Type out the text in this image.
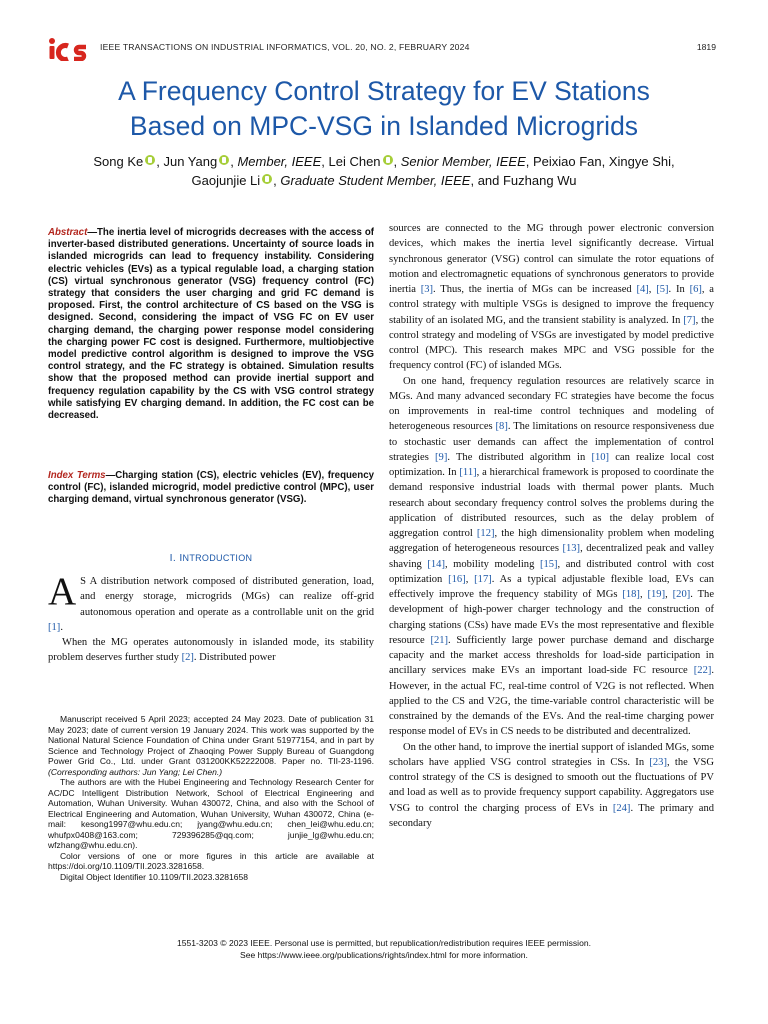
IEEE TRANSACTIONS ON INDUSTRIAL INFORMATICS, VOL. 20, NO. 2, FEBRUARY 2024	1819
A Frequency Control Strategy for EV Stations
Based on MPC-VSG in Islanded Microgrids
Song Ke , Jun Yang , Member, IEEE, Lei Chen , Senior Member, IEEE, Peixiao Fan, Xingye Shi,
Gaojunjie Li , Graduate Student Member, IEEE, and Fuzhang Wu
Abstract—The inertia level of microgrids decreases with the access of inverter-based distributed generations. Uncertainty of source loads in islanded microgrids can lead to frequency instability. Considering electric vehicles (EVs) as a typical regulable load, a charging station (CS) virtual synchronous generator (VSG) frequency control (FC) strategy that considers the user charging and grid FC demand is proposed. First, the control architecture of CS based on the VSG is designed. Second, considering the impact of VSG FC on EV user charging demand, the charging power response model considering the charging power FC cost is designed. Furthermore, multiobjective model predictive control algorithm is designed to improve the VSG control strategy, and the FC strategy is obtained. Simulation results show that the proposed method can provide inertial support and frequency regulation capability by the CS with VSG control strategy while satisfying EV charging demand. In addition, the FC cost can be decreased.
Index Terms—Charging station (CS), electric vehicles (EV), frequency control (FC), islanded microgrid, model predictive control (MPC), user charging demand, virtual synchronous generator (VSG).
I. INTRODUCTION

A S A distribution network composed of distributed generation, load, and energy storage, microgrids (MGs) can realize off-grid autonomous operation and operate as a controllable unit on the grid [1].

When the MG operates autonomously in islanded mode, its stability problem deserves further study [2]. Distributed power

Manuscript received 5 April 2023; accepted 24 May 2023. Date of publication 31 May 2023; date of current version 19 January 2024. This work was supported by the National Natural Science Foundation of China under Grant 51977154, and in part by Science and Technology Project of Zhaoqing Power Supply Bureau of Guangdong Power Grid Co., Ltd. under Grant 031200KK52222008. Paper no. TII-23-1196. (Corresponding authors: Jun Yang; Lei Chen.)

The authors are with the Hubei Engineering and Technology Research Center for AC/DC Intelligent Distribution Network, School of Electrical Engineering and Automation, Wuhan University. Wuhan 430072, China, and also with the School of Electrical Engineering and Automation, Wuhan University, Wuhan 430072, China (e-mail: kesong1997@whu.edu.cn; jyang@whu.edu.cn; chen_lei@whu.edu.cn; whufpx0408@163.com; 729396285@qq.com; junjie_lg@whu.edu.cn; wfzhang@whu.edu.cn).

Color versions of one or more figures in this article are available at https://doi.org/10.1109/TII.2023.3281658.

Digital Object Identifier 10.1109/TII.2023.3281658

sources are connected to the MG through power electronic conversion devices, which makes the inertia level significantly decrease. Virtual synchronous generator (VSG) control can simulate the rotor equations of motion and electromagnetic equations of synchronous generators to provide inertia [3]. Thus, the inertia of MGs can be increased [4], [5]. In [6], a control strategy with multiple VSGs is designed to improve the frequency stability of an isolated MG, and the transient stability is analyzed. In [7], the control strategy and modeling of VSGs are investigated by model predictive control (MPC). This research makes MPC and VSG possible for the frequency control (FC) of islanded MGs.

On one hand, frequency regulation resources are relatively scarce in MGs. And many advanced secondary FC strategies have become the focus on improvements in real-time control techniques and modeling of heterogeneous resources [8]. The limitations on resource responsiveness due to stochastic user demands can affect the implementation of control strategies [9]. The distributed algorithm in [10] can realize local cost optimization. In [11], a hierarchical framework is proposed to coordinate the demand responsive industrial loads with thermal power plants. Much research about secondary frequency control solves the problems during the application of distributed resources, such as the delay problem of aggregation control [12], the high dimensionality problem when modeling aggregation of heterogeneous resources [13], decentralized peak and valley shaving [14], mobility modeling [15], and distributed control with cost optimization [16], [17]. As a typical adjustable flexible load, EVs can effectively improve the frequency stability of MGs [18], [19], [20]. The development of high-power charger technology and the construction of charging stations (CSs) have made EVs the most representative and flexible resource [21]. Sufficiently large power purchase demand and discharge capacity and the market access thresholds for load-side participation in ancillary services make EVs an important load-side FC resource [22]. However, in the actual FC, real-time control of V2G is not reflected. When applied to the CS and V2G, the time-variable control characteristic will be constrained by the demands of the EVs. And the real-time charging power response model of EVs in CS needs to be distributed and decentralized.

On the other hand, to improve the inertial support of islanded MGs, some scholars have applied VSG control strategies in CSs. In [23], the VSG control strategy of the CS is designed to smooth out the fluctuations of PV and load as well as to provide frequency support capability. Aggregators use VSG to control the charging process of EVs in [24]. The primary and secondary

1551-3203 © 2023 IEEE. Personal use is permitted, but republication/redistribution requires IEEE permission.
See https://www.ieee.org/publications/rights/index.html for more information.
